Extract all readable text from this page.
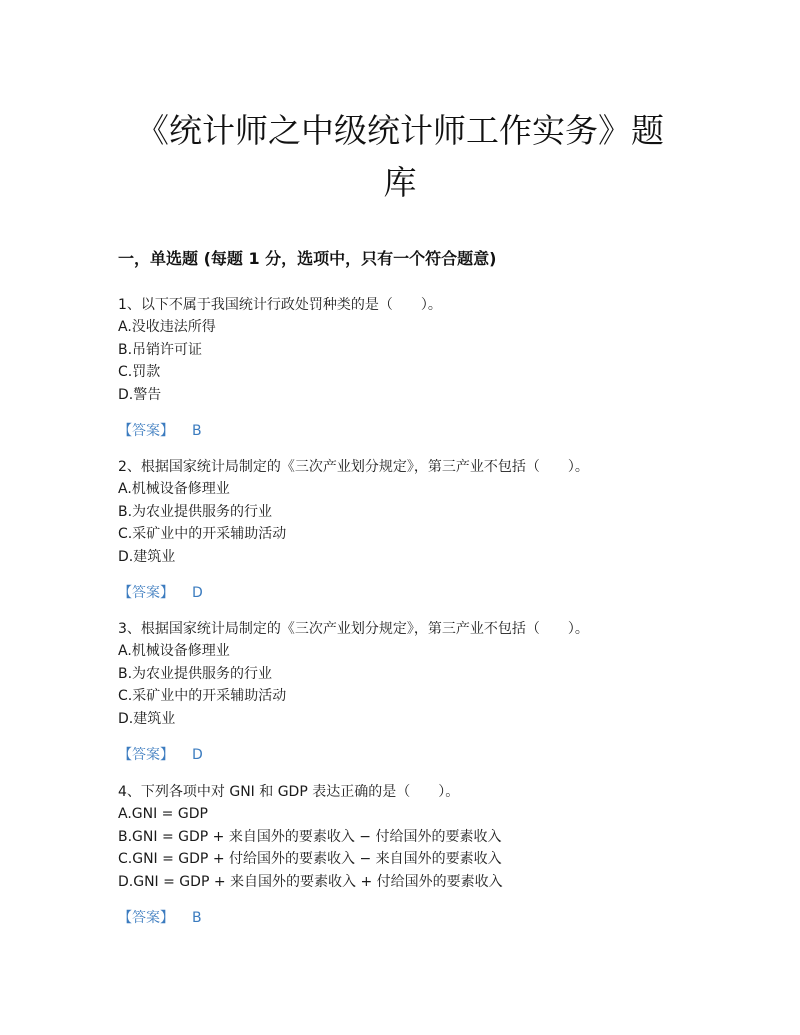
《统计师之中级统计师工作实务》题
库
一，单选题 (每题 1 分，选项中，只有一个符合题意)
1、以下不属于我国统计行政处罚种类的是（　　）。
A.没收违法所得
B.吊销许可证
C.罚款
D.警告
【答案】 B
2、根据国家统计局制定的《三次产业划分规定》，第三产业不包括（　　）。
A.机械设备修理业
B.为农业提供服务的行业
C.采矿业中的开采辅助活动
D.建筑业
【答案】 D
3、根据国家统计局制定的《三次产业划分规定》，第三产业不包括（　　）。
A.机械设备修理业
B.为农业提供服务的行业
C.采矿业中的开采辅助活动
D.建筑业
【答案】 D
4、下列各项中对 GNI 和 GDP 表达正确的是（　　）。
A.GNI = GDP
B.GNI = GDP + 来自国外的要素收入 − 付给国外的要素收入
C.GNI = GDP + 付给国外的要素收入 − 来自国外的要素收入
D.GNI = GDP + 来自国外的要素收入 + 付给国外的要素收入
【答案】 B
